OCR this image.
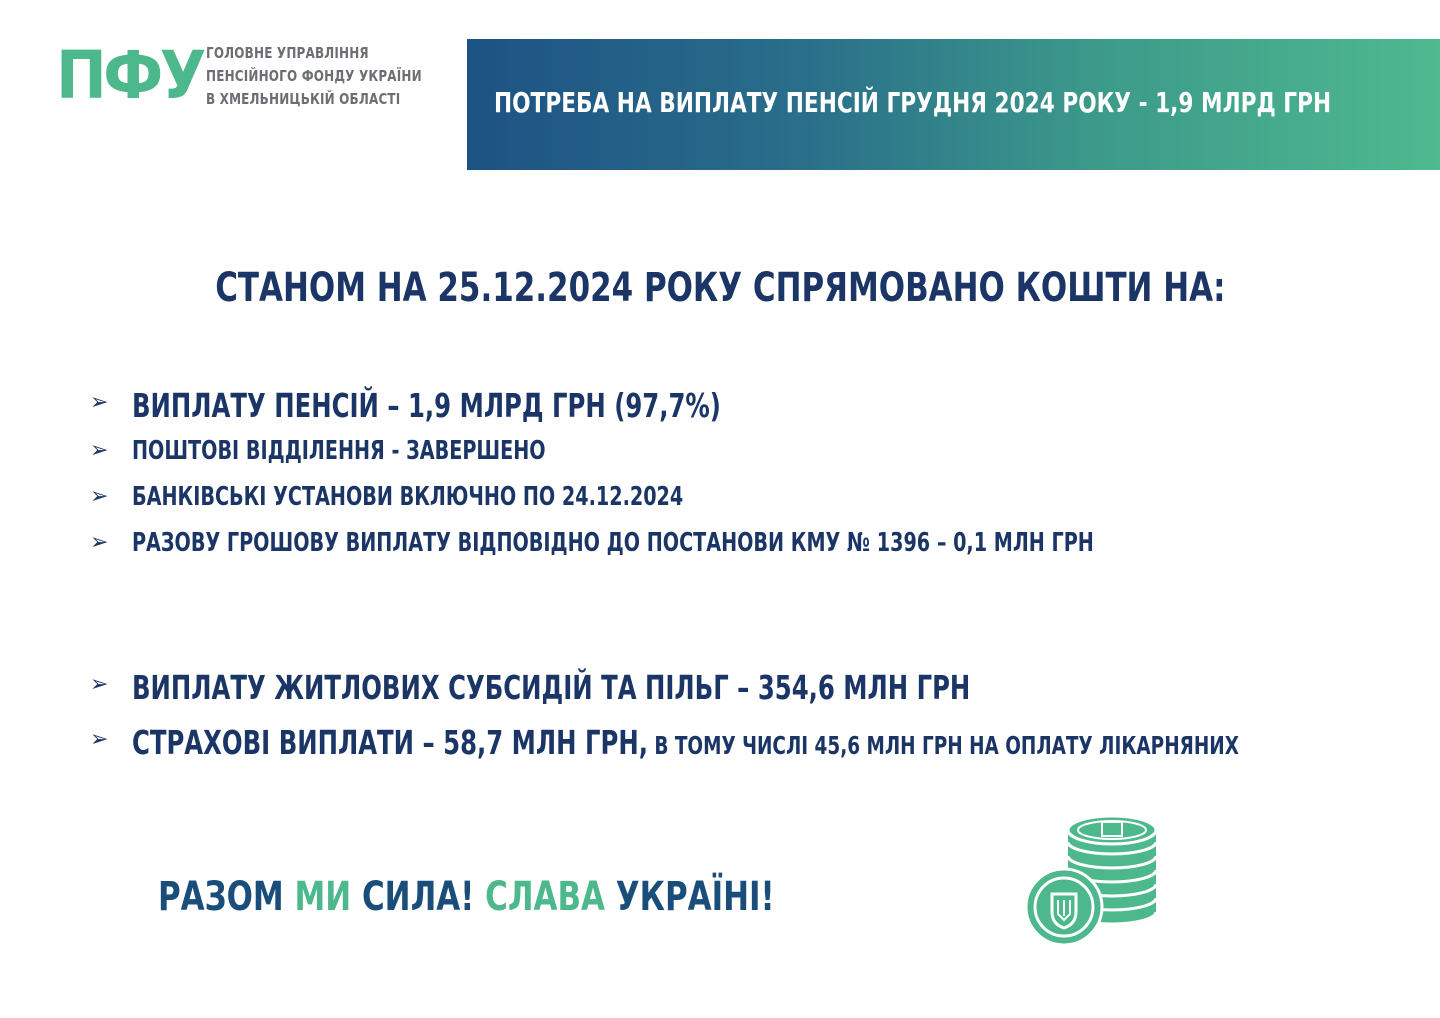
ПФУ ГОЛОВНЕ УПРАВЛІННЯ
ПЕНСІЙНОГО ФОНДУ УКРАЇНИ
В ХМЕЛЬНИЦЬКІЙ ОБЛАСТІ	ПОТРЕБА НА ВИПЛАТУ ПЕНСІЙ ГРУДНЯ 2024 РОКУ - 1,9 МЛРД ГРН
СТАНОМ НА 25.12.2024 РОКУ СПРЯМОВАНО КОШТИ НА:
➢ ВИПЛАТУ ПЕНСІЙ – 1,9 МЛРД ГРН (97,7%)
➢ ПОШТОВІ ВІДДІЛЕННЯ - ЗАВЕРШЕНО
➢ БАНКІВСЬКІ УСТАНОВИ ВКЛЮЧНО ПО 24.12.2024
➢ РАЗОВУ ГРОШОВУ ВИПЛАТУ ВІДПОВІДНО ДО ПОСТАНОВИ КМУ № 1396 – 0,1 МЛН ГРН
➢ ВИПЛАТУ ЖИТЛОВИХ СУБСИДІЙ ТА ПІЛЬГ – 354,6 МЛН ГРН
➢ СТРАХОВІ ВИПЛАТИ – 58,7 МЛН ГРН, В ТОМУ ЧИСЛІ 45,6 МЛН ГРН НА ОПЛАТУ ЛІКАРНЯНИХ
РАЗОМ МИ СИЛА! СЛАВА УКРАЇНІ!
